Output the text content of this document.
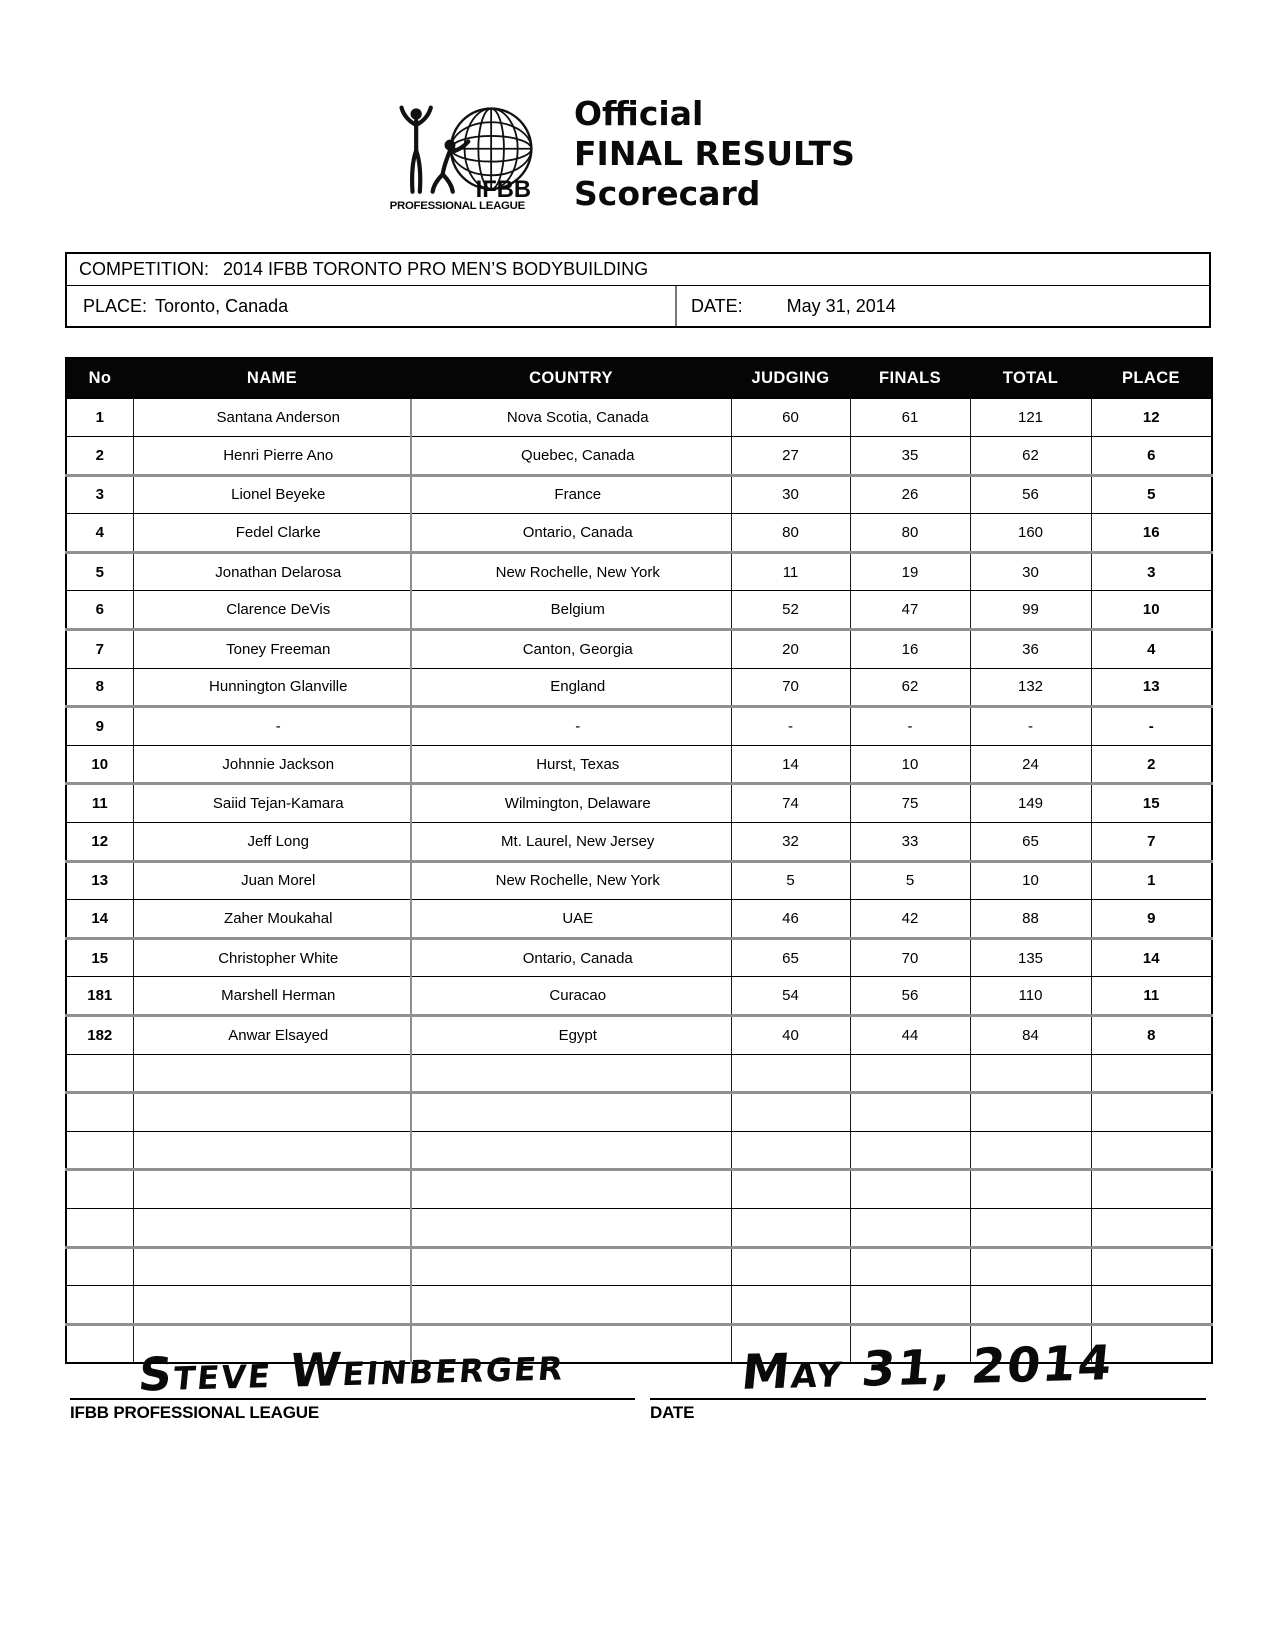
IFBB
PROFESSIONAL LEAGUE
Official
FINAL RESULTS
Scorecard
COMPETITION: 2014 IFBB TORONTO PRO MEN’S BODYBUILDING
PLACE: Toronto, Canada	DATE: May 31, 2014
No	NAME	COUNTRY	JUDGING	FINALS	TOTAL	PLACE
1	Santana Anderson	Nova Scotia, Canada	60	61	121	12
2	Henri Pierre Ano	Quebec, Canada	27	35	62	6
3	Lionel Beyeke	France	30	26	56	5
4	Fedel Clarke	Ontario, Canada	80	80	160	16
5	Jonathan Delarosa	New Rochelle, New York	11	19	30	3
6	Clarence DeVis	Belgium	52	47	99	10
7	Toney Freeman	Canton, Georgia	20	16	36	4
8	Hunnington Glanville	England	70	62	132	13
9	-	-	-	-	-	-
10	Johnnie Jackson	Hurst, Texas	14	10	24	2
11	Saiid Tejan-Kamara	Wilmington, Delaware	74	75	149	15
12	Jeff Long	Mt. Laurel, New Jersey	32	33	65	7
13	Juan Morel	New Rochelle, New York	5	5	10	1
14	Zaher Moukahal	UAE	46	42	88	9
15	Christopher White	Ontario, Canada	65	70	135	14
181	Marshell Herman	Curacao	54	56	110	11
182	Anwar Elsayed	Egypt	40	44	84	8

Steve Weinberger
IFBB PROFESSIONAL LEAGUE
May 31, 2014
DATE
